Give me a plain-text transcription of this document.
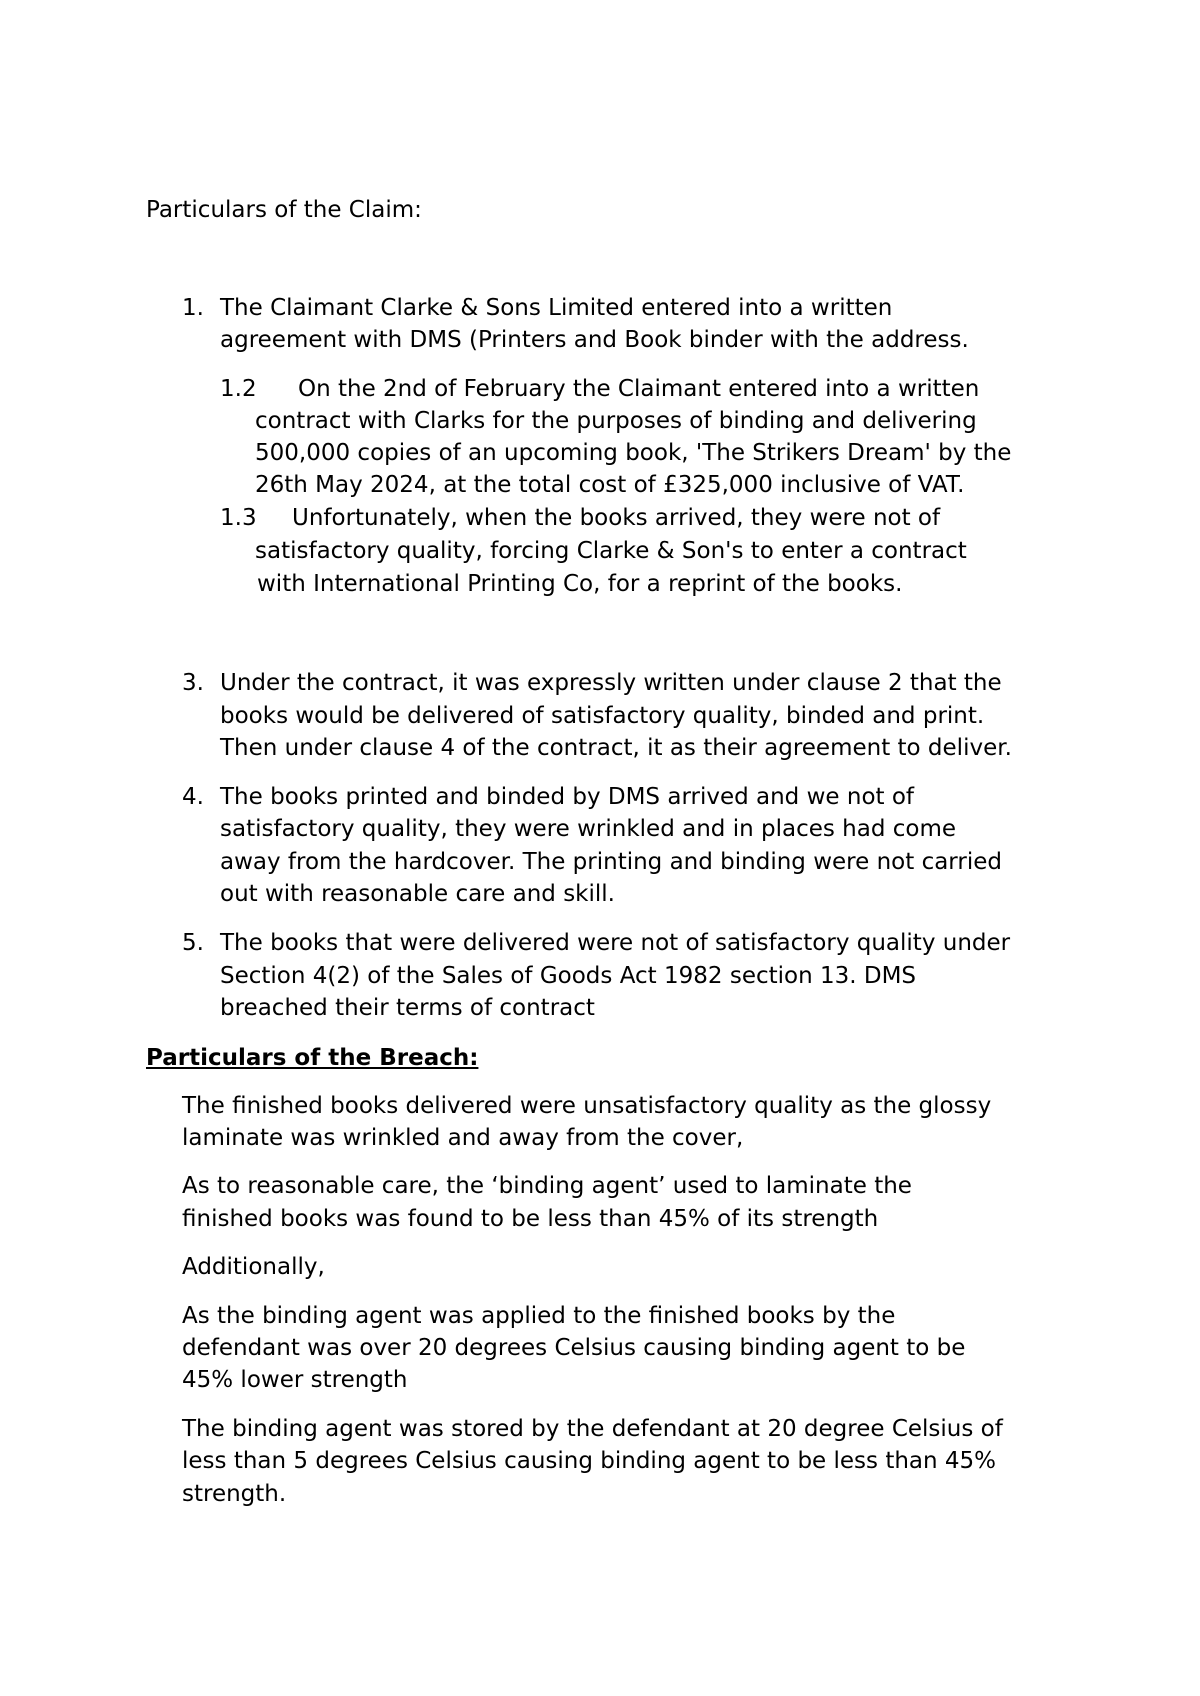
Particulars of the Claim:
1. The Claimant Clarke & Sons Limited entered into a written
agreement with DMS (Printers and Book binder with the address.
1.2 On the 2nd of February the Claimant entered into a written
contract with Clarks for the purposes of binding and delivering
500,000 copies of an upcoming book, 'The Strikers Dream' by the
26th May 2024, at the total cost of £325,000 inclusive of VAT.
1.3 Unfortunately, when the books arrived, they were not of
satisfactory quality, forcing Clarke & Son's to enter a contract
with International Printing Co, for a reprint of the books.
3. Under the contract, it was expressly written under clause 2 that the
books would be delivered of satisfactory quality, binded and print.
Then under clause 4 of the contract, it as their agreement to deliver.
4. The books printed and binded by DMS arrived and we not of
satisfactory quality, they were wrinkled and in places had come
away from the hardcover. The printing and binding were not carried
out with reasonable care and skill.
5. The books that were delivered were not of satisfactory quality under
Section 4(2) of the Sales of Goods Act 1982 section 13. DMS
breached their terms of contract
Particulars of the Breach:
The finished books delivered were unsatisfactory quality as the glossy
laminate was wrinkled and away from the cover,
As to reasonable care, the ‘binding agent’ used to laminate the
finished books was found to be less than 45% of its strength
Additionally,
As the binding agent was applied to the finished books by the
defendant was over 20 degrees Celsius causing binding agent to be
45% lower strength
The binding agent was stored by the defendant at 20 degree Celsius of
less than 5 degrees Celsius causing binding agent to be less than 45%
strength.
